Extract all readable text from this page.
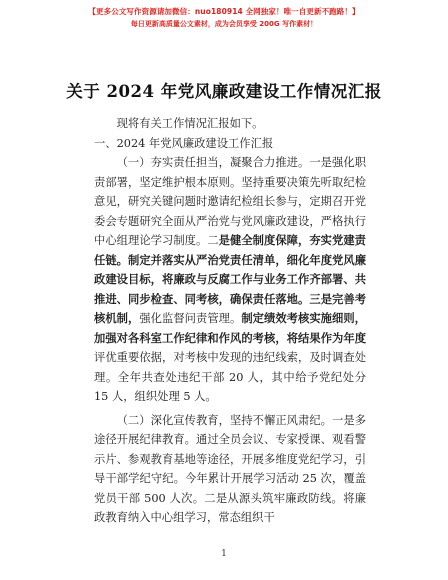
【更多公文写作资源请加微信：nuo180914 全网独家！唯一自更新不跑路！】
每日更新高质量公文素材，成为会员享受 200G 写作素材！
关于 2024 年党风廉政建设工作情况汇报

现将有关工作情况汇报如下。

一、2024 年党风廉政建设工作汇报

（一）夯实责任担当，凝聚合力推进。一是强化职责部署，坚定维护根本原则。坚持重要决策先听取纪检意见，研究关键问题时邀请纪检组长参与，定期召开党委会专题研究全面从严治党与党风廉政建设，严格执行中心组理论学习制度。二是健全制度保障，夯实党建责任链。制定并落实从严治党责任清单，细化年度党风廉政建设目标，将廉政与反腐工作与业务工作齐部署、共推进、同步检查、同考核，确保责任落地。三是完善考核机制，强化监督问责管理。制定绩效考核实施细则，加强对各科室工作纪律和作风的考核，将结果作为年度评优重要依据，对考核中发现的违纪线索，及时调查处理。全年共查处违纪干部 20 人，其中给予党纪处分 15 人，组织处理 5 人。

（二）深化宣传教育，坚持不懈正风肃纪。一是多途径开展纪律教育。通过全员会议、专家授课、观看警示片、参观教育基地等途径，开展多维度党纪学习，引导干部学纪守纪。今年累计开展学习活动 25 次，覆盖党员干部 500 人次。二是从源头筑牢廉政防线。将廉政教育纳入中心组学习，常态组织干

1
